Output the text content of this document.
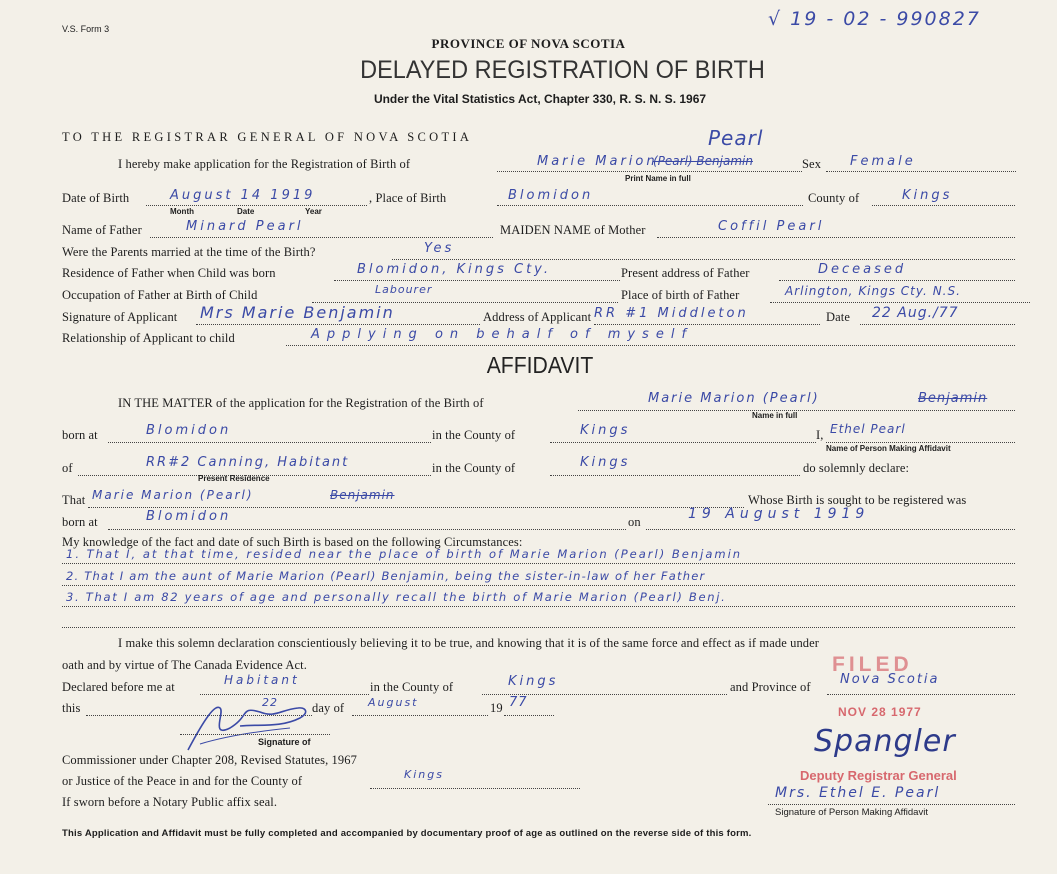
V.S. Form 3	√ 19 - 02 - 990827
PROVINCE OF NOVA SCOTIA
DELAYED REGISTRATION OF BIRTH
Under the Vital Statistics Act, Chapter 330, R. S. N. S. 1967
TO THE REGISTRAR GENERAL OF NOVA SCOTIA
I hereby make application for the Registration of Birth of	Marie Marion
(Pearl) Benjamin
Pearl
Sex Female
Print Name in full
Date of Birth	August 14 1919
Month	Date	Year
, Place of Birth	Blomidon	County of	Kings
Name of Father	Minard Pearl	MAIDEN NAME of Mother	Coffil Pearl
Were the Parents married at the time of the Birth?	Yes
Residence of Father when Child was born	Blomidon, Kings Cty.	Present address of Father	Deceased
Occupation of Father at Birth of Child	Labourer	Place of birth of Father	Arlington, Kings Cty. N.S.
Signature of Applicant Mrs Marie Benjamin	Address of Applicant RR #1 Middleton	Date 22 Aug./77
Relationship of Applicant to child	Applying on behalf of myself
AFFIDAVIT
IN THE MATTER of the application for the Registration of the Birth of	Marie Marion (Pearl)	Benjamin
Name in full
born at	Blomidon	in the County of	Kings	I, Ethel Pearl
Name of Person Making Affidavit
of	RR#2 Canning, Habitant
Present Residence
in the County of	Kings	do solemnly declare:
That Marie Marion (Pearl)	Benjamin	Whose Birth is sought to be registered was
born at	Blomidon	on	19 August 1919
My knowledge of the fact and date of such Birth is based on the following Circumstances:
1. That I, at that time, resided near the place of birth of Marie Marion (Pearl) Benjamin
2. That I am the aunt of Marie Marion (Pearl) Benjamin, being the sister-in-law of her Father
3. That I am 82 years of age and personally recall the birth of Marie Marion (Pearl) Benj.
I make this solemn declaration conscientiously believing it to be true, and knowing that it is of the same force and effect as if made under
oath and by virtue of The Canada Evidence Act.
Declared before me at	Habitant	in the County of	Kings	and Province of Nova Scotia
this	22	day of August	19 77
Signature of
Commissioner under Chapter 208, Revised Statutes, 1967
or Justice of the Peace in and for the County of	Kings
If sworn before a Notary Public affix seal.
FILED
NOV 28 1977
Spangler
Deputy Registrar General
Mrs. Ethel E. Pearl
Signature of Person Making Affidavit
This Application and Affidavit must be fully completed and accompanied by documentary proof of age as outlined on the reverse side of this form.
